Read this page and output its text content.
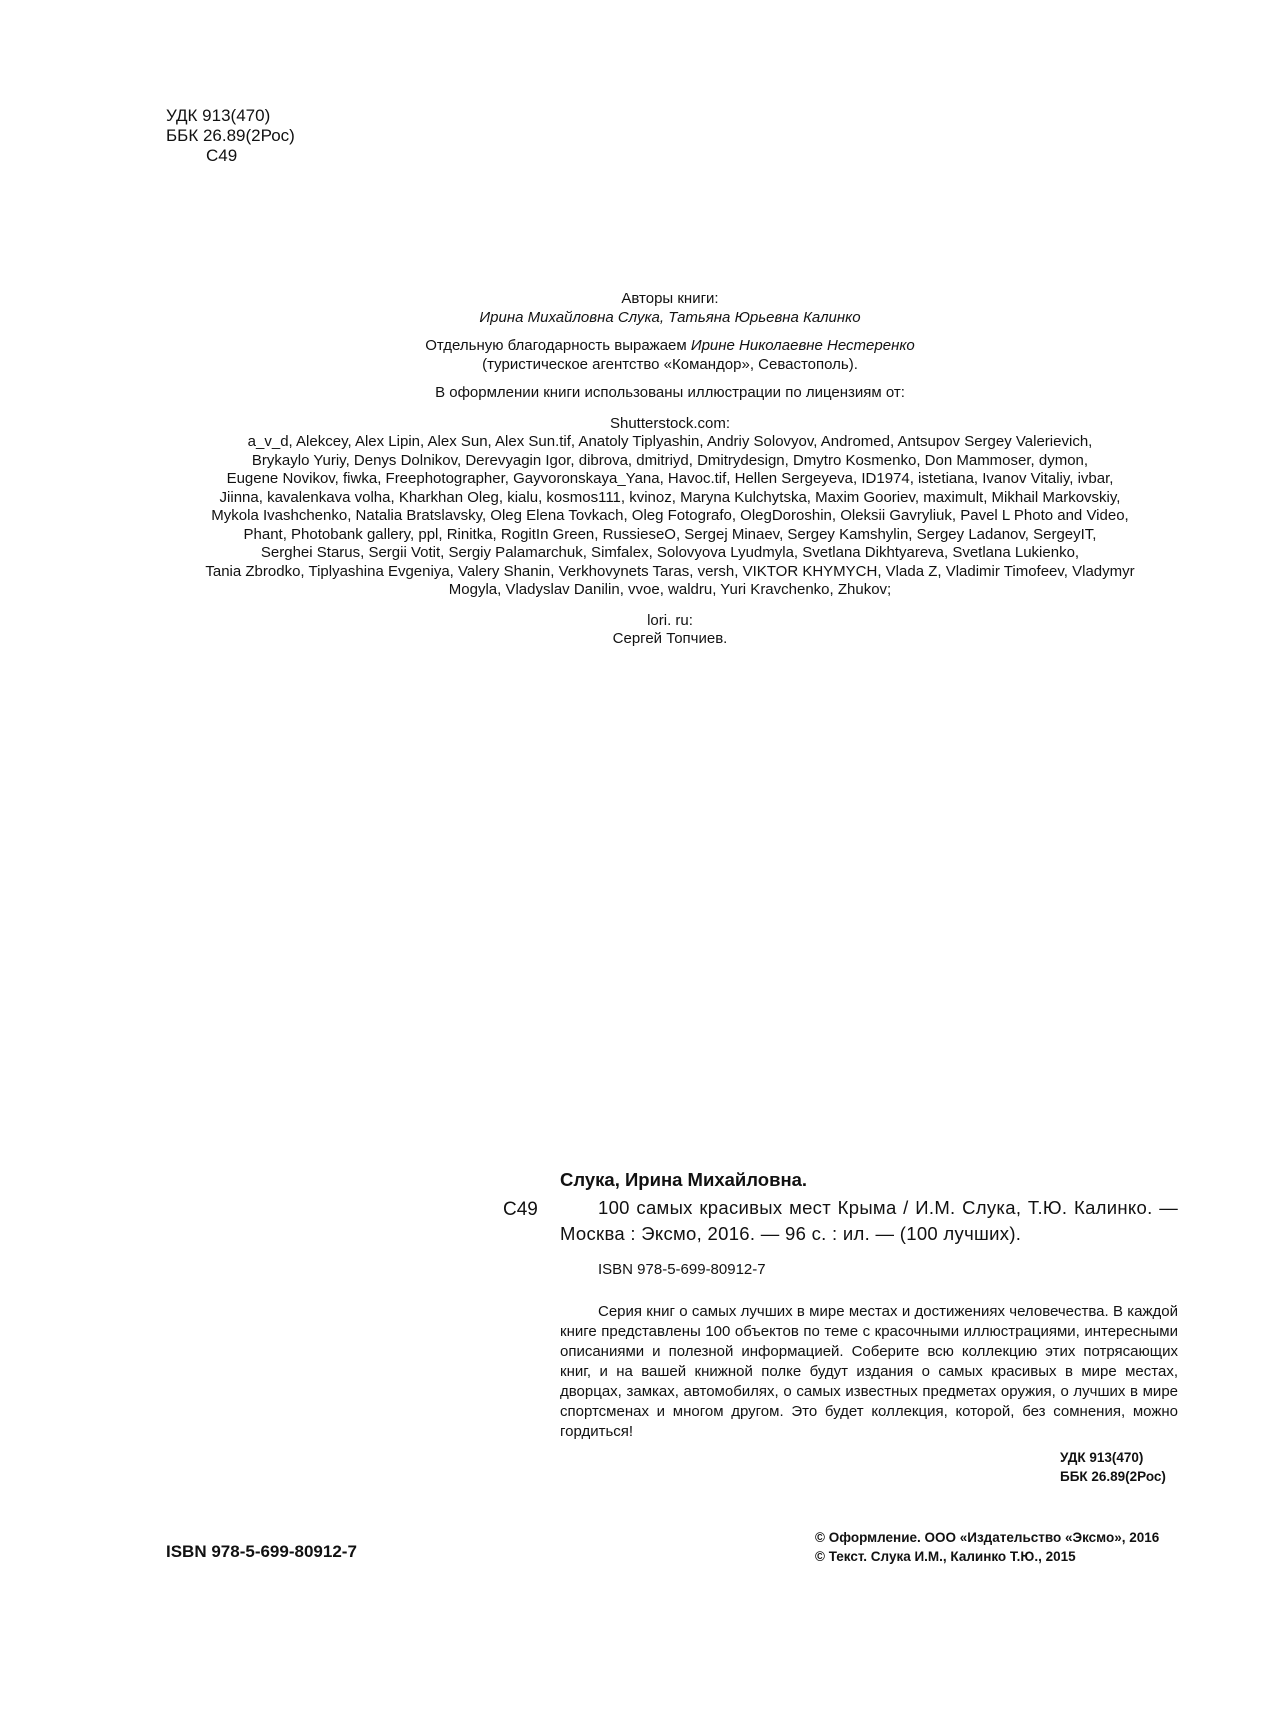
УДК 913(470)
ББК 26.89(2Рос)
С49

Авторы книги:

Ирина Михайловна Слука, Татьяна Юрьевна Калинко

Отдельную благодарность выражаем Ирине Николаевне Нестеренко

(туристическое агентство «Командор», Севастополь).

В оформлении книги использованы иллюстрации по лицензиям от:

Shutterstock.com:

a_v_d, Alekcey, Alex Lipin, Alex Sun, Alex Sun.tif, Anatoly Tiplyashin, Andriy Solovyov, Andromed, Antsupov Sergey Valerievich,

Brykaylo Yuriy, Denys Dolnikov, Derevyagin Igor, dibrova, dmitriyd, Dmitrydesign, Dmytro Kosmenko, Don Mammoser, dymon,

Eugene Novikov, fiwka, Freephotographer, Gayvoronskaya_Yana, Havoc.tif, Hellen Sergeyeva, ID1974, istetiana, Ivanov Vitaliy, ivbar,

Jiinna, kavalenkava volha, Kharkhan Oleg, kialu, kosmos111, kvinoz, Maryna Kulchytska, Maxim Gooriev, maximult, Mikhail Markovskiy,

Mykola Ivashchenko, Natalia Bratslavsky, Oleg Elena Tovkach, Oleg Fotografo, OlegDoroshin, Oleksii Gavryliuk, Pavel L Photo and Video,

Phant, Photobank gallery, ppl, Rinitka, RogitIn Green, RussieseO, Sergej Minaev, Sergey Kamshylin, Sergey Ladanov, SergeyIT,

Serghei Starus, Sergii Votit, Sergiy Palamarchuk, Simfalex, Solovyova Lyudmyla, Svetlana Dikhtyareva, Svetlana Lukienko,

Tania Zbrodko, Tiplyashina Evgeniya, Valery Shanin, Verkhovynets Taras, versh, VIKTOR KHYMYCH, Vlada Z, Vladimir Timofeev, Vladymyr

Mogyla, Vladyslav Danilin, vvoe, waldru, Yuri Kravchenko, Zhukov;

lori. ru:

Сергей Топчиев.

С49
Слука, Ирина Михайловна.

100 самых красивых мест Крыма / И.М. Слука, Т.Ю. Калинко. — Москва : Эксмо, 2016. — 96 с. : ил. — (100 лучших).

ISBN 978-5-699-80912-7

Серия книг о самых лучших в мире местах и достижениях человечества. В каждой книге представлены 100 объектов по теме с красочными иллюстрациями, интересными описаниями и полезной информацией. Соберите всю коллекцию этих потрясающих книг, и на вашей книжной полке будут издания о самых красивых в мире местах, дворцах, замках, автомобилях, о самых известных предметах оружия, о лучших в мире спортсменах и многом другом. Это будет коллекция, которой, без сомнения, можно гордиться!

УДК 913(470)
ББК 26.89(2Рос)
ISBN 978-5-699-80912-7
© Оформление. ООО «Издательство «Эксмо», 2016
© Текст. Слука И.М., Калинко Т.Ю., 2015
